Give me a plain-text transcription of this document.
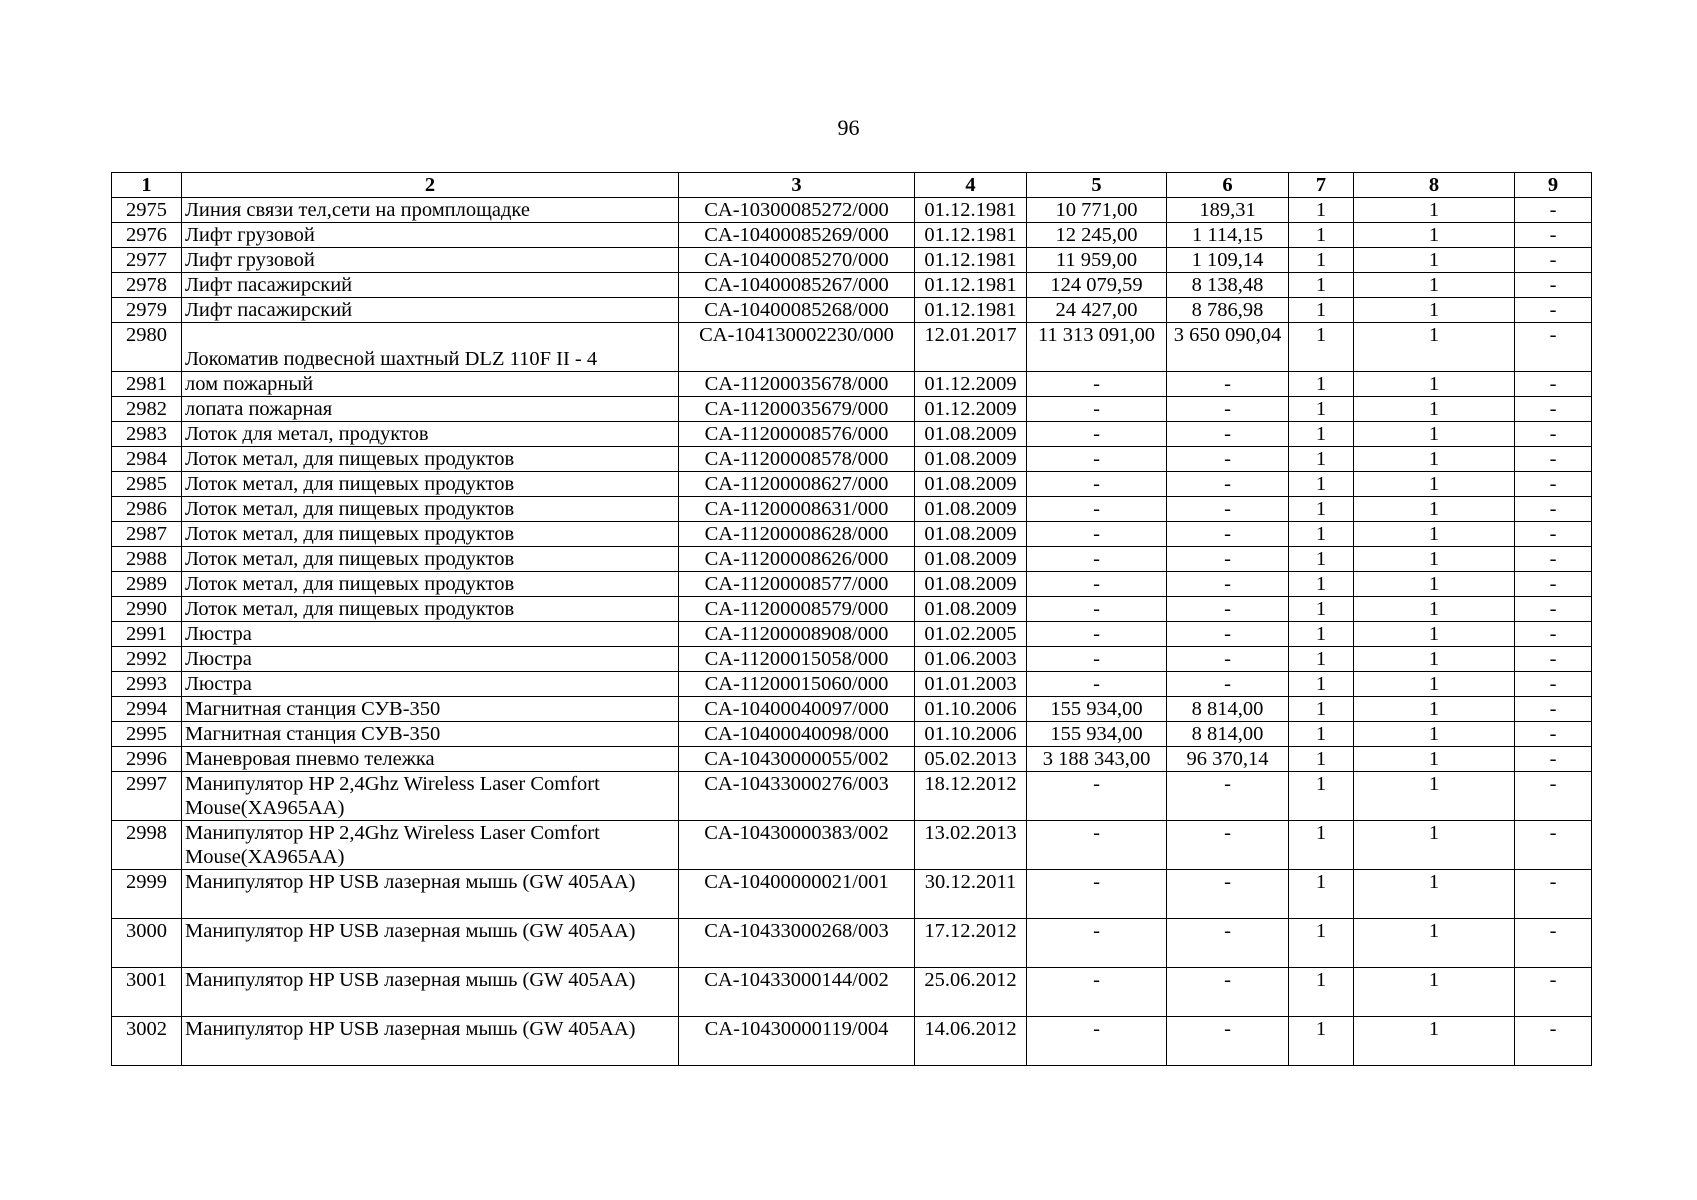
96
1	2	3	4	5	6	7	8	9
2975	Линия связи тел,сети на промплощадке	CA-10300085272/000	01.12.1981	10 771,00	189,31	1	1	-
2976	Лифт грузовой	CA-10400085269/000	01.12.1981	12 245,00	1 114,15	1	1	-
2977	Лифт грузовой	CA-10400085270/000	01.12.1981	11 959,00	1 109,14	1	1	-
2978	Лифт пасажирский	CA-10400085267/000	01.12.1981	124 079,59	8 138,48	1	1	-
2979	Лифт пасажирский	CA-10400085268/000	01.12.1981	24 427,00	8 786,98	1	1	-
2980	Локоматив подвесной шахтный DLZ 110F II - 4	CA-104130002230/000	12.01.2017	11 313 091,00	3 650 090,04	1	1	-
2981	лом пожарный	CA-11200035678/000	01.12.2009	-	-	1	1	-
2982	лопата пожарная	CA-11200035679/000	01.12.2009	-	-	1	1	-
2983	Лоток для метал, продуктов	CA-11200008576/000	01.08.2009	-	-	1	1	-
2984	Лоток метал, для пищевых продуктов	CA-11200008578/000	01.08.2009	-	-	1	1	-
2985	Лоток метал, для пищевых продуктов	CA-11200008627/000	01.08.2009	-	-	1	1	-
2986	Лоток метал, для пищевых продуктов	CA-11200008631/000	01.08.2009	-	-	1	1	-
2987	Лоток метал, для пищевых продуктов	CA-11200008628/000	01.08.2009	-	-	1	1	-
2988	Лоток метал, для пищевых продуктов	CA-11200008626/000	01.08.2009	-	-	1	1	-
2989	Лоток метал, для пищевых продуктов	CA-11200008577/000	01.08.2009	-	-	1	1	-
2990	Лоток метал, для пищевых продуктов	CA-11200008579/000	01.08.2009	-	-	1	1	-
2991	Люстра	CA-11200008908/000	01.02.2005	-	-	1	1	-
2992	Люстра	CA-11200015058/000	01.06.2003	-	-	1	1	-
2993	Люстра	CA-11200015060/000	01.01.2003	-	-	1	1	-
2994	Магнитная станция СУВ-350	CA-10400040097/000	01.10.2006	155 934,00	8 814,00	1	1	-
2995	Магнитная станция СУВ-350	CA-10400040098/000	01.10.2006	155 934,00	8 814,00	1	1	-
2996	Маневровая пневмо тележка	CA-10430000055/002	05.02.2013	3 188 343,00	96 370,14	1	1	-
2997	Манипулятор HP 2,4Ghz Wireless Laser Comfort Mouse(XA965AA)	CA-10433000276/003	18.12.2012	-	-	1	1	-
2998	Манипулятор HP 2,4Ghz Wireless Laser Comfort Mouse(XA965AA)	CA-10430000383/002	13.02.2013	-	-	1	1	-
2999	Манипулятор HP USB лазерная мышь (GW 405AA)	CA-10400000021/001	30.12.2011	-	-	1	1	-
3000	Манипулятор HP USB лазерная мышь (GW 405AA)	CA-10433000268/003	17.12.2012	-	-	1	1	-
3001	Манипулятор HP USB лазерная мышь (GW 405AA)	CA-10433000144/002	25.06.2012	-	-	1	1	-
3002	Манипулятор HP USB лазерная мышь (GW 405AA)	CA-10430000119/004	14.06.2012	-	-	1	1	-
